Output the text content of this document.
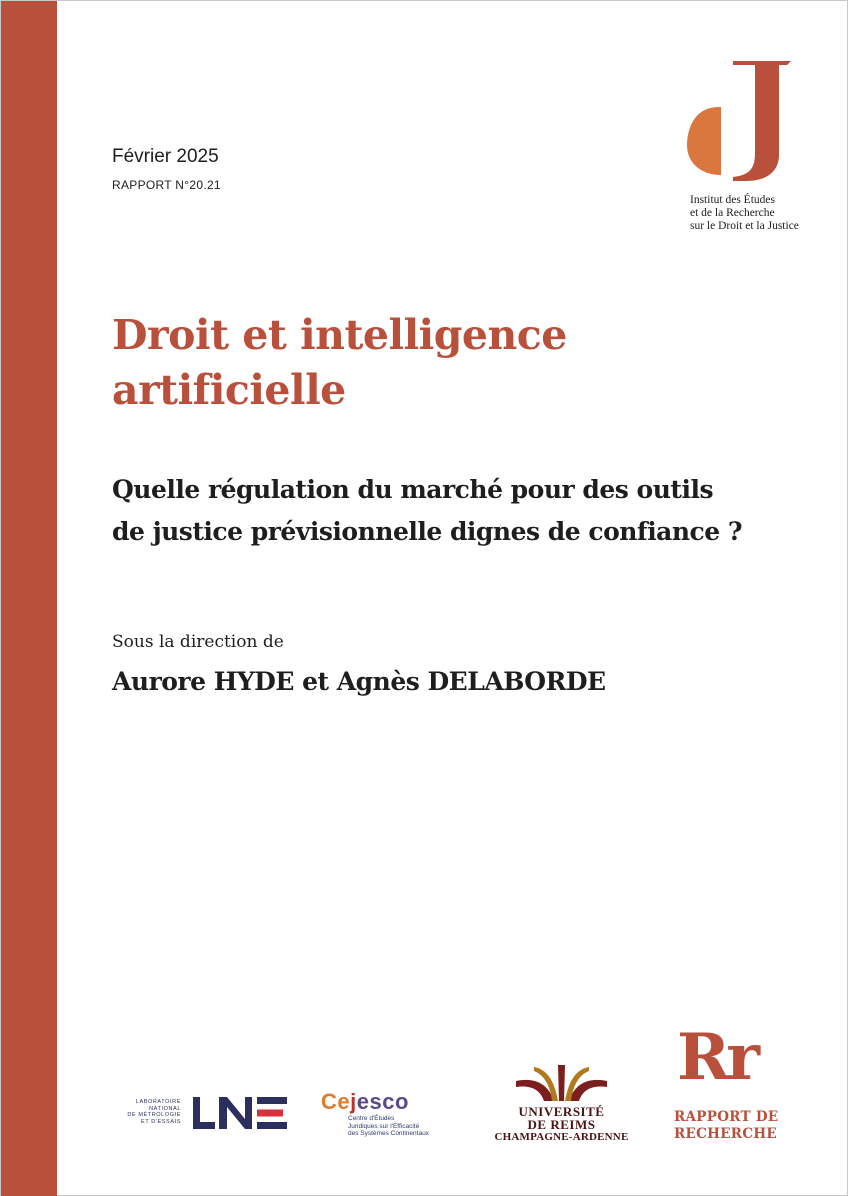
Février 2025
RAPPORT N°20.21
Institut des Études
et de la Recherche
sur le Droit et la Justice
Droit et intelligence artificielle
Quelle régulation du marché pour des outils de justice prévisionnelle dignes de confiance ?
Sous la direction de
Aurore HYDE et Agnès DELABORDE
LABORATOIRE
NATIONAL
DE MÉTROLOGIE
ET D'ESSAIS
Cejesco
Centre d'Études
Juridiques sur l'Efficacité
des Systèmes Continentaux
UNIVERSITÉ
DE REIMS
CHAMPAGNE-ARDENNE
Rr
RAPPORT DE
RECHERCHE
